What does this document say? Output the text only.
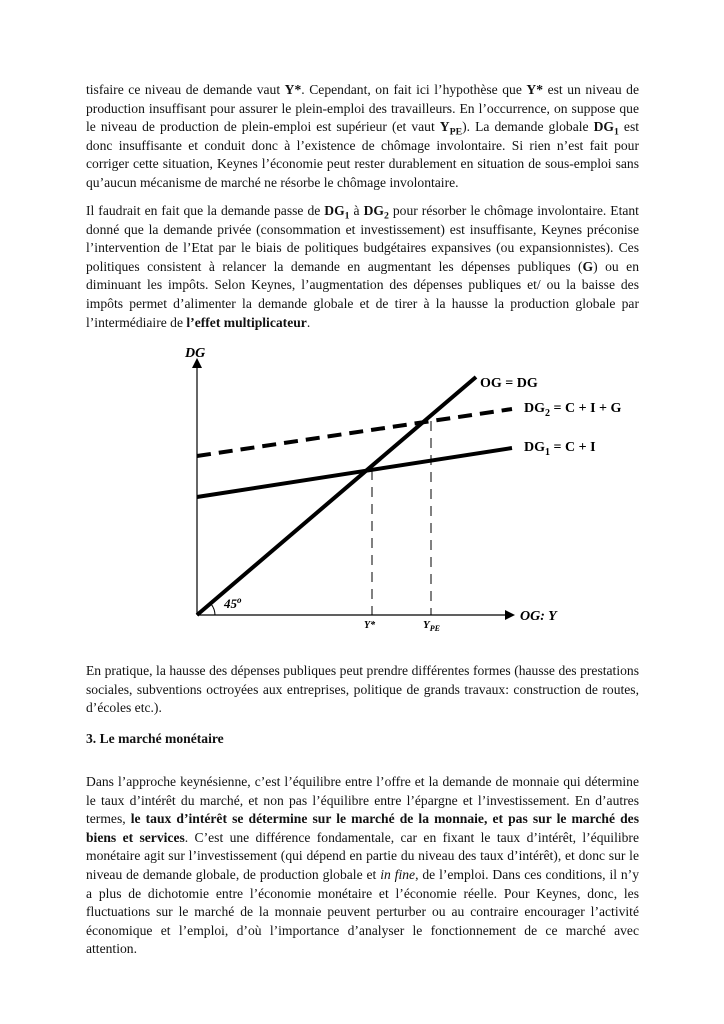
tisfaire ce niveau de demande vaut Y*. Cependant, on fait ici l’hypothèse que Y* est un niveau de production insuffisant pour assurer le plein-emploi des travailleurs. En l’occurrence, on suppose que le niveau de production de plein-emploi est supérieur (et vaut $Y_{PE}$). La demande globale $DG_1$ est donc insuffisante et conduit donc à l’existence de chômage involontaire. Si rien n’est fait pour corriger cette situation, Keynes l’économie peut rester durablement en situation de sous-emploi sans qu’aucun mécanisme de marché ne résorbe le chômage involontaire.

Il faudrait en fait que la demande passe de $DG_1$ à $DG_2$ pour résorber le chômage involontaire. Etant donné que la demande privée (consommation et investissement) est insuffisante, Keynes préconise l’intervention de l’Etat par le biais de politiques budgétaires expansives (ou expansionnistes). Ces politiques consistent à relancer la demande en augmentant les dépenses publiques (G) ou en diminuant les impôts. Selon Keynes, l’augmentation des dépenses publiques et/ ou la baisse des impôts permet d’alimenter la demande globale et de tirer à la hausse la production globale par l’intermédiaire de l’effet multiplicateur.

DG
OG: Y
45$^o$
OG = DG
$DG_2 = C + I + G$
$DG_1 = C + I$
Y*	$Y_{PE}$

En pratique, la hausse des dépenses publiques peut prendre différentes formes (hausse des prestations sociales, subventions octroyées aux entreprises, politique de grands travaux: construction de routes, d’écoles etc.).

3. Le marché monétaire

Dans l’approche keynésienne, c’est l’équilibre entre l’offre et la demande de monnaie qui détermine le taux d’intérêt du marché, et non pas l’équilibre entre l’épargne et l’investissement. En d’autres termes, le taux d’intérêt se détermine sur le marché de la monnaie, et pas sur le marché des biens et services. C’est une différence fondamentale, car en fixant le taux d’intérêt, l’équilibre monétaire agit sur l’investissement (qui dépend en partie du niveau des taux d’intérêt), et donc sur le niveau de demande globale, de production globale et in fine, de l’emploi. Dans ces conditions, il n’y a plus de dichotomie entre l’économie monétaire et l’économie réelle. Pour Keynes, donc, les fluctuations sur le marché de la monnaie peuvent perturber ou au contraire encourager l’activité économique et l’emploi, d’où l’importance d’analyser le fonctionnement de ce marché avec attention.
